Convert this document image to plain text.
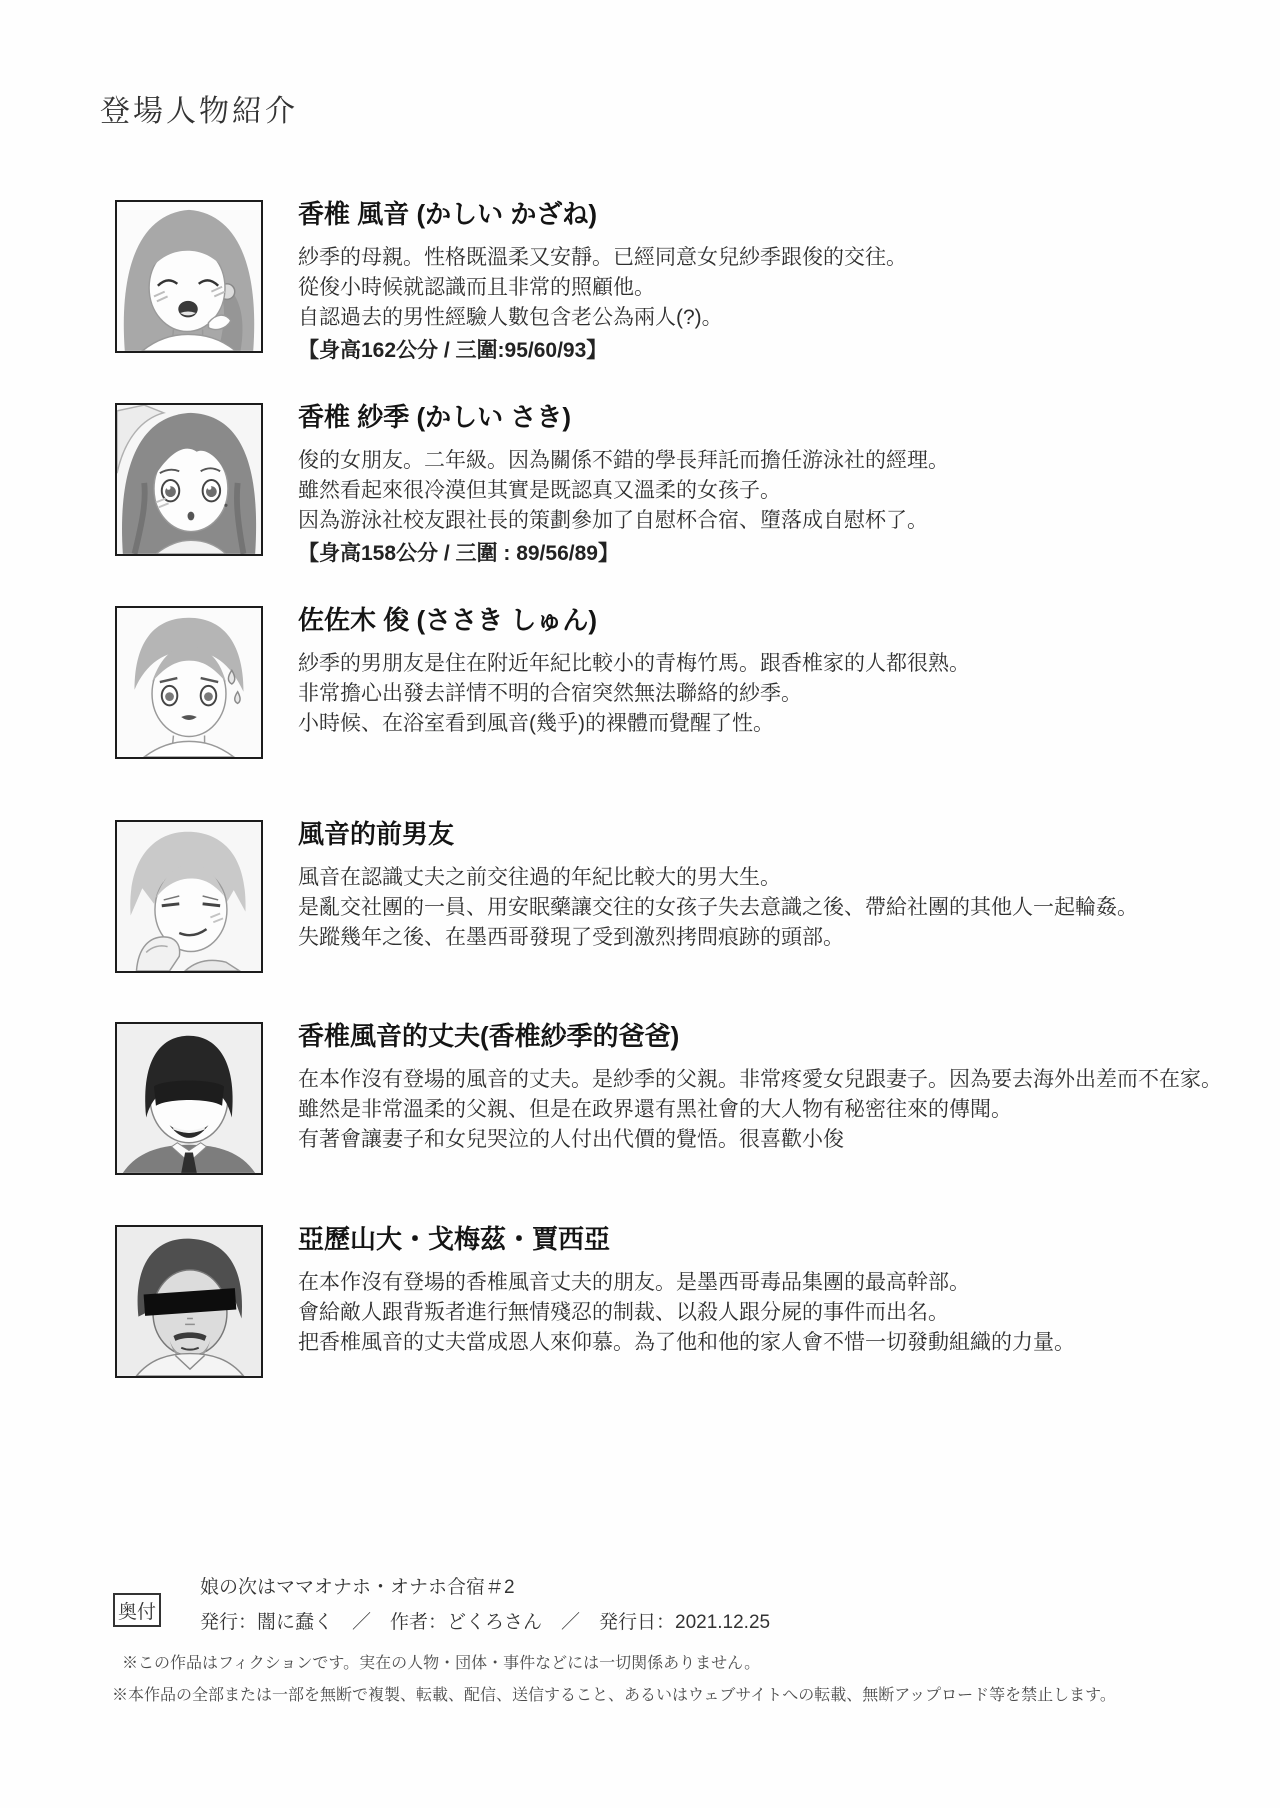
登場人物紹介
香椎 風音 (かしい かざね)
紗季的母親。性格既溫柔又安靜。已經同意女兒紗季跟俊的交往。
從俊小時候就認識而且非常的照顧他。
自認過去的男性經驗人數包含老公為兩人(?)。
【身高162公分 / 三圍:95/60/93】
香椎 紗季 (かしい さき)
俊的女朋友。二年級。因為關係不錯的學長拜託而擔任游泳社的經理。
雖然看起來很冷漠但其實是既認真又溫柔的女孩子。
因為游泳社校友跟社長的策劃參加了自慰杯合宿、墮落成自慰杯了。
【身高158公分 / 三圍 : 89/56/89】
佐佐木 俊 (ささき しゅん)
紗季的男朋友是住在附近年紀比較小的青梅竹馬。跟香椎家的人都很熟。
非常擔心出發去詳情不明的合宿突然無法聯絡的紗季。
小時候、在浴室看到風音(幾乎)的裸體而覺醒了性。
風音的前男友
風音在認識丈夫之前交往過的年紀比較大的男大生。
是亂交社團的一員、用安眠藥讓交往的女孩子失去意識之後、帶給社團的其他人一起輪姦。
失蹤幾年之後、在墨西哥發現了受到激烈拷問痕跡的頭部。
香椎風音的丈夫(香椎紗季的爸爸)
在本作沒有登場的風音的丈夫。是紗季的父親。非常疼愛女兒跟妻子。因為要去海外出差而不在家。
雖然是非常溫柔的父親、但是在政界還有黑社會的大人物有秘密往來的傳聞。
有著會讓妻子和女兒哭泣的人付出代價的覺悟。很喜歡小俊
亞歷山大・戈梅茲・賈西亞
在本作沒有登場的香椎風音丈夫的朋友。是墨西哥毒品集團的最高幹部。
會給敵人跟背叛者進行無情殘忍的制裁、以殺人跟分屍的事件而出名。
把香椎風音的丈夫當成恩人來仰慕。為了他和他的家人會不惜一切發動組織的力量。
奥付
娘の次はママオナホ・オナホ合宿＃2
発行：闇に蠢く　／　作者：どくろさん　／　発行日：2021.12.25
※この作品はフィクションです。実在の人物・団体・事件などには一切関係ありません。
※本作品の全部または一部を無断で複製、転載、配信、送信すること、あるいはウェブサイトへの転載、無断アップロード等を禁止します。
